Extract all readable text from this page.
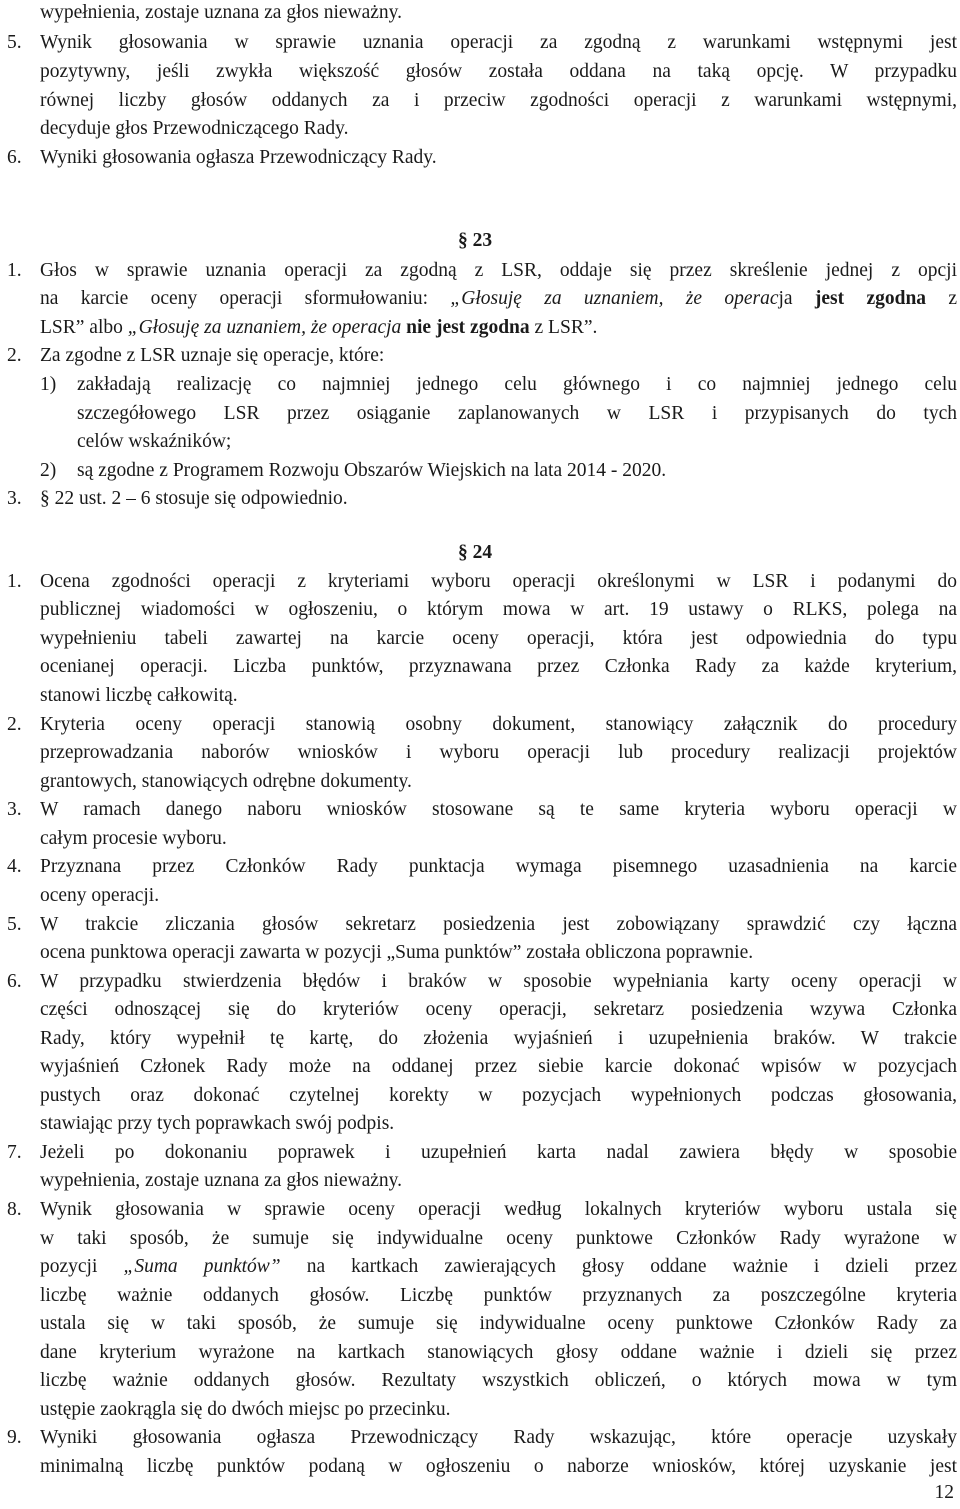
wypełnienia, zostaje uznana za głos nieważny.
5. Wynik głosowania w sprawie uznania operacji za zgodną z warunkami wstępnymi jest
pozytywny, jeśli zwykła większość głosów została oddana na taką opcję. W przypadku
równej liczby głosów oddanych za i przeciw zgodności operacji z warunkami wstępnymi,
decyduje głos Przewodniczącego Rady.
6. Wyniki głosowania ogłasza Przewodniczący Rady.
§ 23
1. Głos w sprawie uznania operacji za zgodną z LSR, oddaje się przez skreślenie jednej z opcji
na karcie oceny operacji sformułowaniu: „Głosuję za uznaniem, że operacja jest zgodna z
LSR” albo „Głosuję za uznaniem, że operacja nie jest zgodna z LSR”.
2. Za zgodne z LSR uznaje się operacje, które:
1) zakładają realizację co najmniej jednego celu głównego i co najmniej jednego celu
szczegółowego LSR przez osiąganie zaplanowanych w LSR i przypisanych do tych
celów wskaźników;
2) są zgodne z Programem Rozwoju Obszarów Wiejskich na lata 2014 - 2020.
3. § 22 ust. 2 – 6 stosuje się odpowiednio.
§ 24
1. Ocena zgodności operacji z kryteriami wyboru operacji określonymi w LSR i podanymi do
publicznej wiadomości w ogłoszeniu, o którym mowa w art. 19 ustawy o RLKS, polega na
wypełnieniu tabeli zawartej na karcie oceny operacji, która jest odpowiednia do typu
ocenianej operacji. Liczba punktów, przyznawana przez Członka Rady za każde kryterium,
stanowi liczbę całkowitą.
2. Kryteria oceny operacji stanowią osobny dokument, stanowiący załącznik do procedury
przeprowadzania naborów wniosków i wyboru operacji lub procedury realizacji projektów
grantowych, stanowiących odrębne dokumenty.
3. W ramach danego naboru wniosków stosowane są te same kryteria wyboru operacji w
całym procesie wyboru.
4. Przyznana przez Członków Rady punktacja wymaga pisemnego uzasadnienia na karcie
oceny operacji.
5. W trakcie zliczania głosów sekretarz posiedzenia jest zobowiązany sprawdzić czy łączna
ocena punktowa operacji zawarta w pozycji „Suma punktów” została obliczona poprawnie.
6. W przypadku stwierdzenia błędów i braków w sposobie wypełniania karty oceny operacji w
części odnoszącej się do kryteriów oceny operacji, sekretarz posiedzenia wzywa Członka
Rady, który wypełnił tę kartę, do złożenia wyjaśnień i uzupełnienia braków. W trakcie
wyjaśnień Członek Rady może na oddanej przez siebie karcie dokonać wpisów w pozycjach
pustych oraz dokonać czytelnej korekty w pozycjach wypełnionych podczas głosowania,
stawiając przy tych poprawkach swój podpis.
7. Jeżeli po dokonaniu poprawek i uzupełnień karta nadal zawiera błędy w sposobie
wypełnienia, zostaje uznana za głos nieważny.
8. Wynik głosowania w sprawie oceny operacji według lokalnych kryteriów wyboru ustala się
w taki sposób, że sumuje się indywidualne oceny punktowe Członków Rady wyrażone w
pozycji „Suma punktów” na kartkach zawierających głosy oddane ważnie i dzieli przez
liczbę ważnie oddanych głosów. Liczbę punktów przyznanych za poszczególne kryteria
ustala się w taki sposób, że sumuje się indywidualne oceny punktowe Członków Rady za
dane kryterium wyrażone na kartkach stanowiących głosy oddane ważnie i dzieli się przez
liczbę ważnie oddanych głosów. Rezultaty wszystkich obliczeń, o których mowa w tym
ustępie zaokrągla się do dwóch miejsc po przecinku.
9. Wyniki głosowania ogłasza Przewodniczący Rady wskazując, które operacje uzyskały
minimalną liczbę punktów podaną w ogłoszeniu o naborze wniosków, której uzyskanie jest
12
